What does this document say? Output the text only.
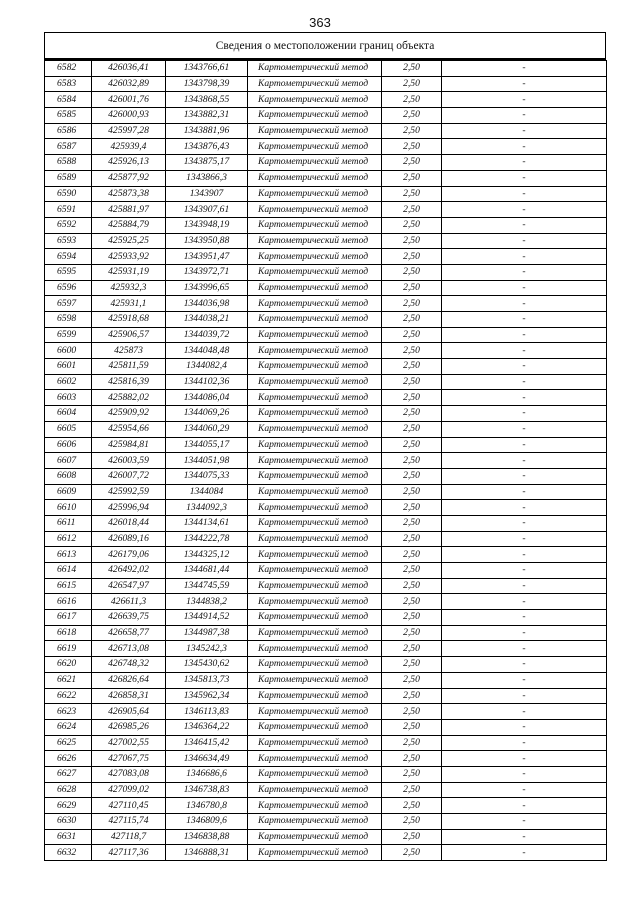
363
Сведения о местоположении границ объекта
6582	426036,41	1343766,61	Картометрический метод	2,50	-
6583	426032,89	1343798,39	Картометрический метод	2,50	-
6584	426001,76	1343868,55	Картометрический метод	2,50	-
6585	426000,93	1343882,31	Картометрический метод	2,50	-
6586	425997,28	1343881,96	Картометрический метод	2,50	-
6587	425939,4	1343876,43	Картометрический метод	2,50	-
6588	425926,13	1343875,17	Картометрический метод	2,50	-
6589	425877,92	1343866,3	Картометрический метод	2,50	-
6590	425873,38	1343907	Картометрический метод	2,50	-
6591	425881,97	1343907,61	Картометрический метод	2,50	-
6592	425884,79	1343948,19	Картометрический метод	2,50	-
6593	425925,25	1343950,88	Картометрический метод	2,50	-
6594	425933,92	1343951,47	Картометрический метод	2,50	-
6595	425931,19	1343972,71	Картометрический метод	2,50	-
6596	425932,3	1343996,65	Картометрический метод	2,50	-
6597	425931,1	1344036,98	Картометрический метод	2,50	-
6598	425918,68	1344038,21	Картометрический метод	2,50	-
6599	425906,57	1344039,72	Картометрический метод	2,50	-
6600	425873	1344048,48	Картометрический метод	2,50	-
6601	425811,59	1344082,4	Картометрический метод	2,50	-
6602	425816,39	1344102,36	Картометрический метод	2,50	-
6603	425882,02	1344086,04	Картометрический метод	2,50	-
6604	425909,92	1344069,26	Картометрический метод	2,50	-
6605	425954,66	1344060,29	Картометрический метод	2,50	-
6606	425984,81	1344055,17	Картометрический метод	2,50	-
6607	426003,59	1344051,98	Картометрический метод	2,50	-
6608	426007,72	1344075,33	Картометрический метод	2,50	-
6609	425992,59	1344084	Картометрический метод	2,50	-
6610	425996,94	1344092,3	Картометрический метод	2,50	-
6611	426018,44	1344134,61	Картометрический метод	2,50	-
6612	426089,16	1344222,78	Картометрический метод	2,50	-
6613	426179,06	1344325,12	Картометрический метод	2,50	-
6614	426492,02	1344681,44	Картометрический метод	2,50	-
6615	426547,97	1344745,59	Картометрический метод	2,50	-
6616	426611,3	1344838,2	Картометрический метод	2,50	-
6617	426639,75	1344914,52	Картометрический метод	2,50	-
6618	426658,77	1344987,38	Картометрический метод	2,50	-
6619	426713,08	1345242,3	Картометрический метод	2,50	-
6620	426748,32	1345430,62	Картометрический метод	2,50	-
6621	426826,64	1345813,73	Картометрический метод	2,50	-
6622	426858,31	1345962,34	Картометрический метод	2,50	-
6623	426905,64	1346113,83	Картометрический метод	2,50	-
6624	426985,26	1346364,22	Картометрический метод	2,50	-
6625	427002,55	1346415,42	Картометрический метод	2,50	-
6626	427067,75	1346634,49	Картометрический метод	2,50	-
6627	427083,08	1346686,6	Картометрический метод	2,50	-
6628	427099,02	1346738,83	Картометрический метод	2,50	-
6629	427110,45	1346780,8	Картометрический метод	2,50	-
6630	427115,74	1346809,6	Картометрический метод	2,50	-
6631	427118,7	1346838,88	Картометрический метод	2,50	-
6632	427117,36	1346888,31	Картометрический метод	2,50	-
